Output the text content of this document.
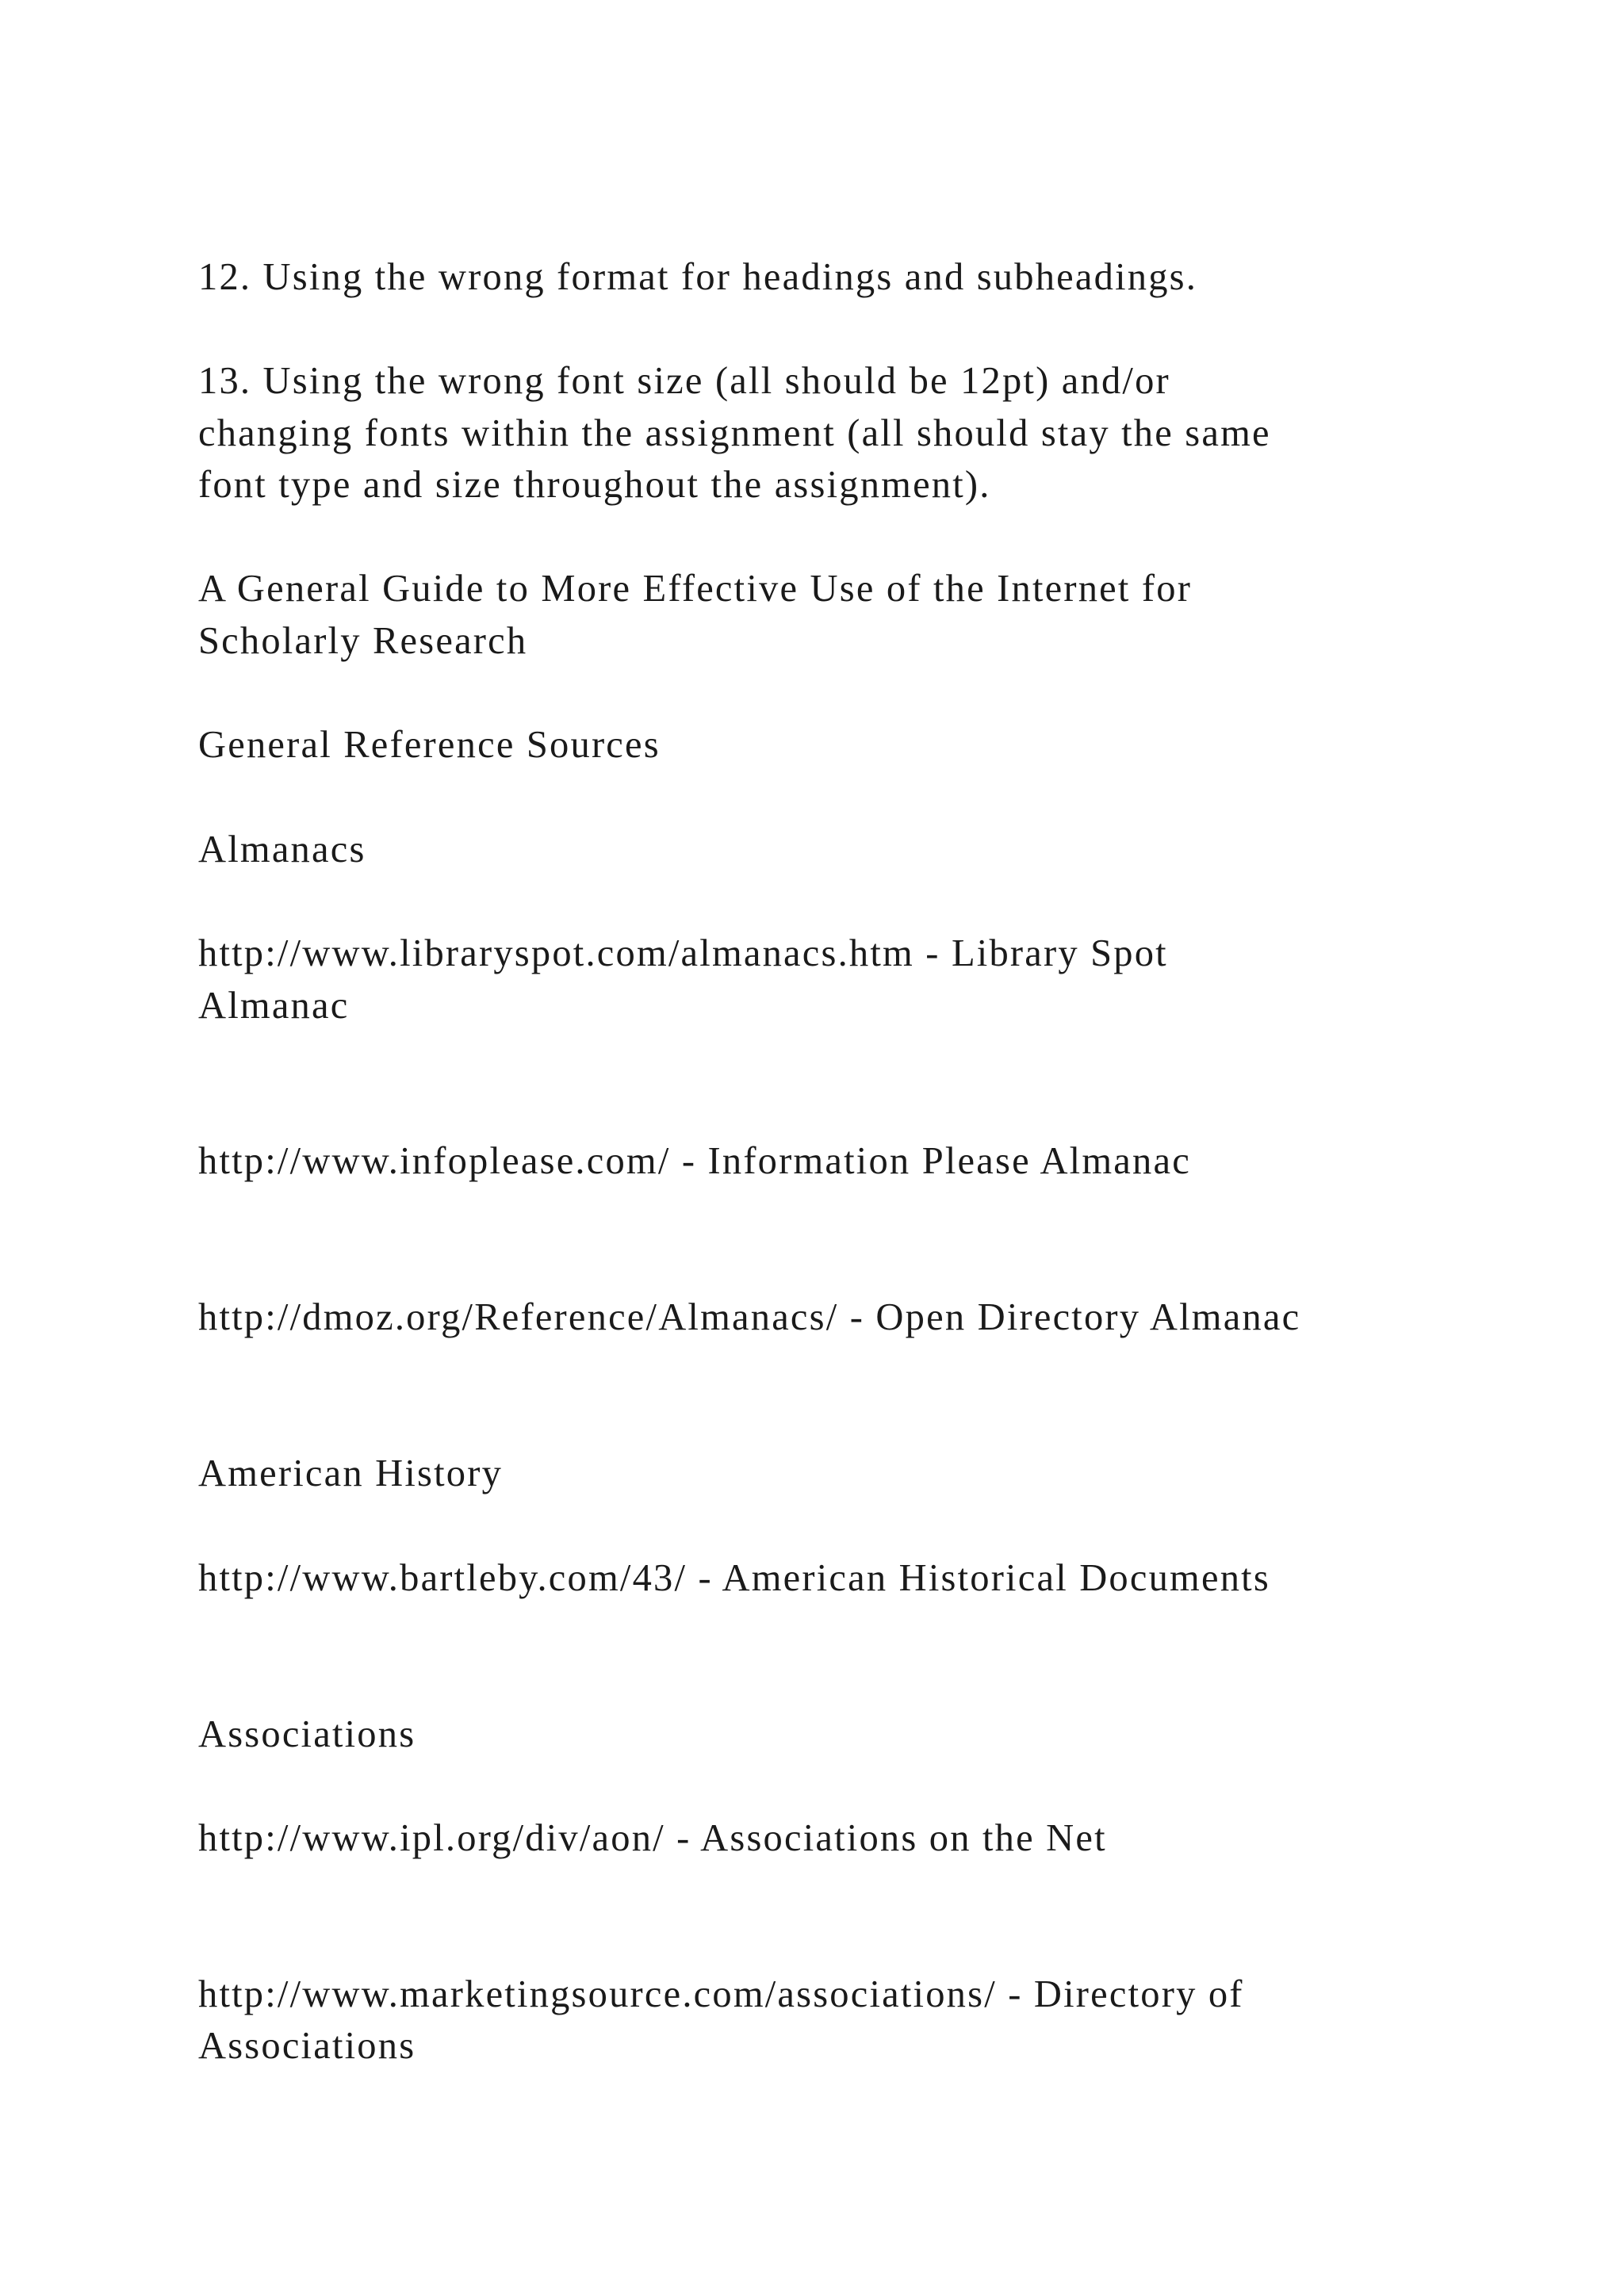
12. Using the wrong format for headings and subheadings.

13. Using the wrong font size (all should be 12pt) and/or

changing fonts within the assignment (all should stay the same

font type and size throughout the assignment).

A General Guide to More Effective Use of the Internet for

Scholarly Research

General Reference Sources

Almanacs

http://www.libraryspot.com/almanacs.htm - Library Spot

Almanac

http://www.infoplease.com/ - Information Please Almanac

http://dmoz.org/Reference/Almanacs/ - Open Directory Almanac

American History

http://www.bartleby.com/43/ - American Historical Documents

Associations

http://www.ipl.org/div/aon/ - Associations on the Net

http://www.marketingsource.com/associations/ - Directory of

Associations
